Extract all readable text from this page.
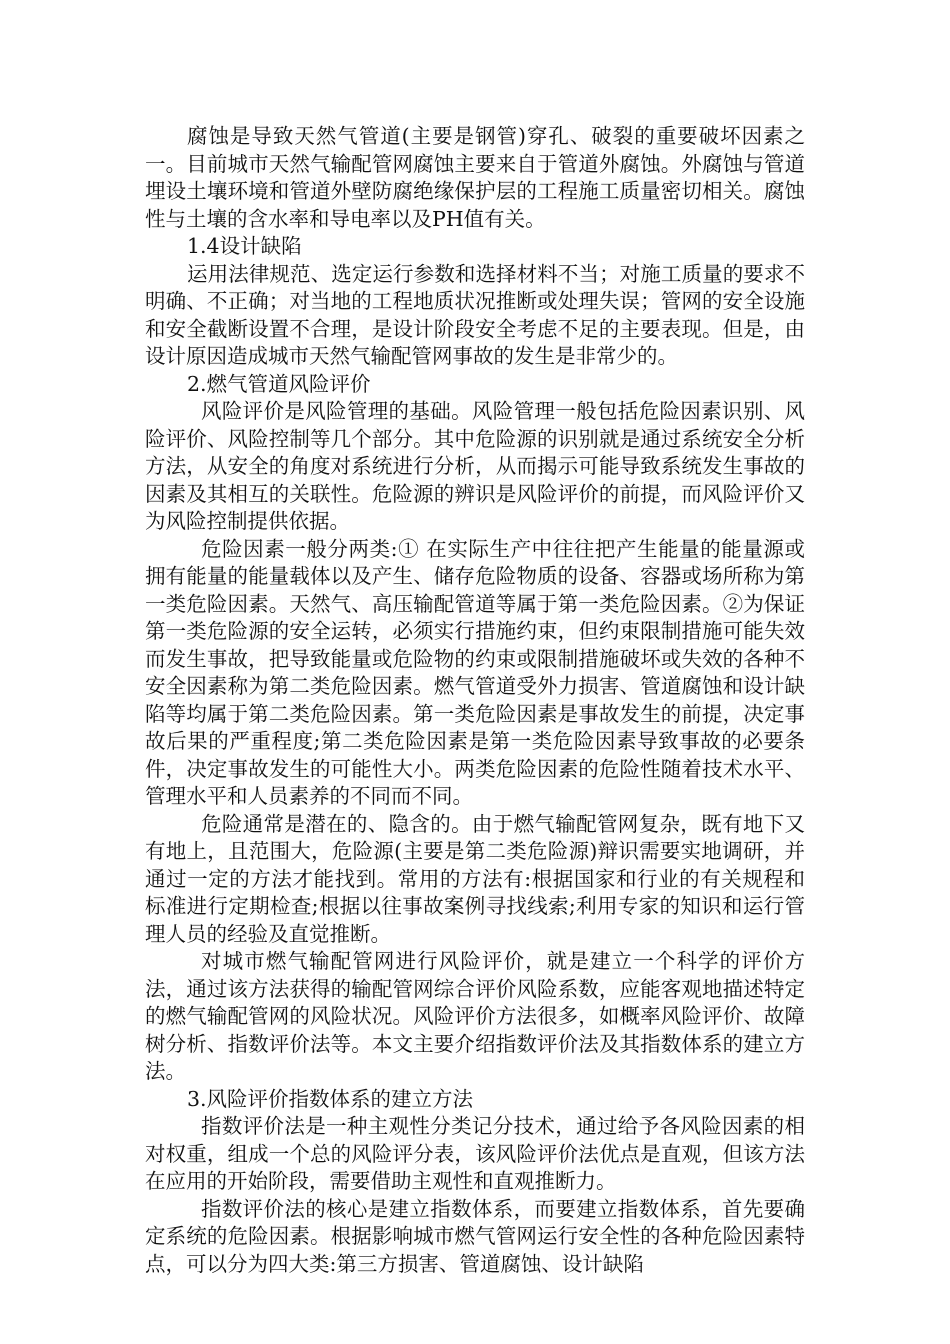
腐蚀是导致天然气管道(主要是钢管)穿孔、破裂的重要破坏因素之一。目前城市天然气输配管网腐蚀主要来自于管道外腐蚀。外腐蚀与管道埋设土壤环境和管道外壁防腐绝缘保护层的工程施工质量密切相关。腐蚀性与土壤的含水率和导电率以及PH值有关。

1.4设计缺陷

运用法律规范、选定运行参数和选择材料不当；对施工质量的要求不明确、不正确；对当地的工程地质状况推断或处理失误；管网的安全设施和安全截断设置不合理，是设计阶段安全考虑不足的主要表现。但是，由设计原因造成城市天然气输配管网事故的发生是非常少的。

2.燃气管道风险评价

风险评价是风险管理的基础。风险管理一般包括危险因素识别、风险评价、风险控制等几个部分。其中危险源的识别就是通过系统安全分析方法，从安全的角度对系统进行分析，从而揭示可能导致系统发生事故的因素及其相互的关联性。危险源的辨识是风险评价的前提，而风险评价又为风险控制提供依据。

危险因素一般分两类:① 在实际生产中往往把产生能量的能量源或拥有能量的能量载体以及产生、储存危险物质的设备、容器或场所称为第一类危险因素。天然气、高压输配管道等属于第一类危险因素。②为保证第一类危险源的安全运转，必须实行措施约束，但约束限制措施可能失效而发生事故，把导致能量或危险物的约束或限制措施破坏或失效的各种不安全因素称为第二类危险因素。燃气管道受外力损害、管道腐蚀和设计缺陷等均属于第二类危险因素。第一类危险因素是事故发生的前提，决定事故后果的严重程度;第二类危险因素是第一类危险因素导致事故的必要条件，决定事故发生的可能性大小。两类危险因素的危险性随着技术水平、管理水平和人员素养的不同而不同。

危险通常是潜在的、隐含的。由于燃气输配管网复杂，既有地下又有地上，且范围大，危险源(主要是第二类危险源)辩识需要实地调研，并通过一定的方法才能找到。常用的方法有:根据国家和行业的有关规程和标准进行定期检查;根据以往事故案例寻找线索;利用专家的知识和运行管理人员的经验及直觉推断。

对城市燃气输配管网进行风险评价，就是建立一个科学的评价方法，通过该方法获得的输配管网综合评价风险系数，应能客观地描述特定的燃气输配管网的风险状况。风险评价方法很多，如概率风险评价、故障树分析、指数评价法等。本文主要介绍指数评价法及其指数体系的建立方法。

3.风险评价指数体系的建立方法

指数评价法是一种主观性分类记分技术，通过给予各风险因素的相对权重，组成一个总的风险评分表，该风险评价法优点是直观，但该方法在应用的开始阶段，需要借助主观性和直观推断力。

指数评价法的核心是建立指数体系，而要建立指数体系，首先要确定系统的危险因素。根据影响城市燃气管网运行安全性的各种危险因素特点，可以分为四大类:第三方损害、管道腐蚀、设计缺陷
